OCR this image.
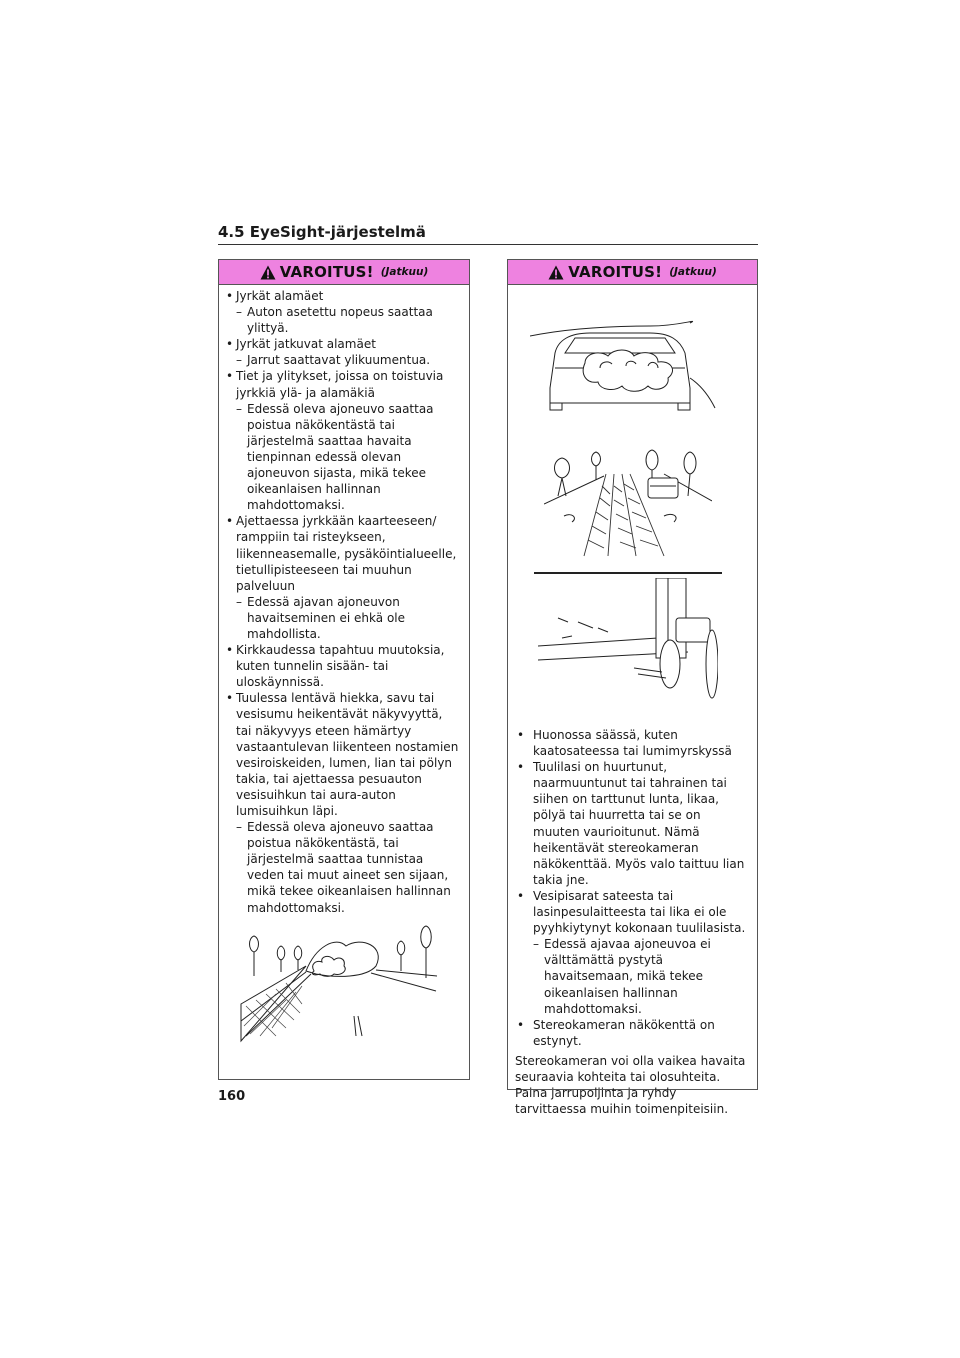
4.5 EyeSight-järjestelmä
VAROITUS! (Jatkuu)
• Jyrkät alamäet
– Auton asetettu nopeus saattaa ylittyä.
• Jyrkät jatkuvat alamäet
– Jarrut saattavat ylikuumentua.
• Tiet ja ylitykset, joissa on toistuvia jyrkkiä ylä- ja alamäkiä
– Edessä oleva ajoneuvo saattaa poistua näkökentästä tai järjestelmä saattaa havaita tienpinnan edessä olevan ajoneuvon sijasta, mikä tekee oikeanlaisen hallinnan mahdottomaksi.
• Ajettaessa jyrkkään kaarteeseen/ ramppiin tai risteykseen, liikenneasemalle, pysäköintialueelle, tietullipisteeseen tai muuhun palveluun
– Edessä ajavan ajoneuvon havaitseminen ei ehkä ole mahdollista.
• Kirkkaudessa tapahtuu muutoksia, kuten tunnelin sisään- tai uloskäynnissä.
• Tuulessa lentävä hiekka, savu tai vesisumu heikentävät näkyvyyttä, tai näkyvyys eteen hämärtyy vastaantulevan liikenteen nostamien vesiroiskeiden, lumen, lian tai pölyn takia, tai ajettaessa pesuauton vesisuihkun tai aura-auton lumisuihkun läpi.
– Edessä oleva ajoneuvo saattaa poistua näkökentästä, tai järjestelmä saattaa tunnistaa veden tai muut aineet sen sijaan, mikä tekee oikeanlaisen hallinnan mahdottomaksi.
VAROITUS! (Jatkuu)
• Huonossa säässä, kuten kaatosateessa tai lumimyrskyssä
• Tuulilasi on huurtunut, naarmuuntunut tai tahrainen tai siihen on tarttunut lunta, likaa, pölyä tai huurretta tai se on muuten vaurioitunut. Nämä heikentävät stereokameran näkökenttää. Myös valo taittuu lian takia jne.
• Vesipisarat sateesta tai lasinpesulaitteesta tai lika ei ole pyyhkiytynyt kokonaan tuulilasista.
– Edessä ajavaa ajoneuvoa ei välttämättä pystytä havaitsemaan, mikä tekee oikeanlaisen hallinnan mahdottomaksi.
• Stereokameran näkökenttä on estynyt.
Stereokameran voi olla vaikea havaita seuraavia kohteita tai olosuhteita. Paina jarrupoljinta ja ryhdy tarvittaessa muihin toimenpiteisiin.
160
